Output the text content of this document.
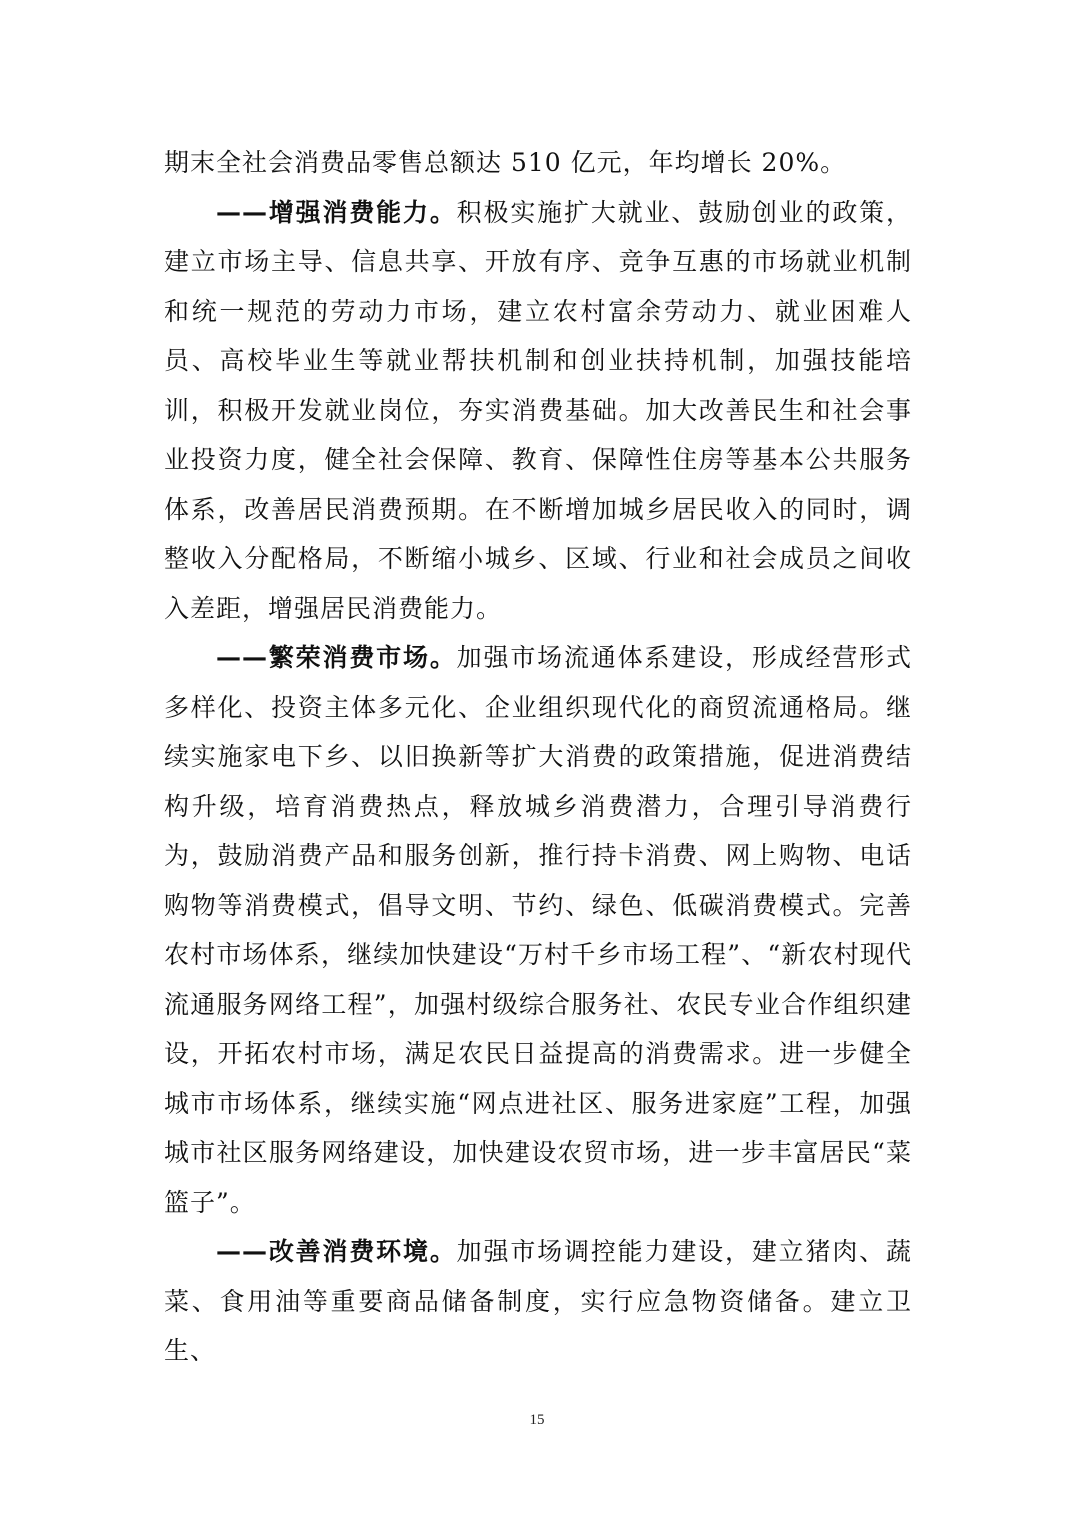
期末全社会消费品零售总额达 510 亿元，年均增长 20%。

——增强消费能力。积极实施扩大就业、鼓励创业的政策，建立市场主导、信息共享、开放有序、竞争互惠的市场就业机制和统一规范的劳动力市场，建立农村富余劳动力、就业困难人员、高校毕业生等就业帮扶机制和创业扶持机制，加强技能培训，积极开发就业岗位，夯实消费基础。加大改善民生和社会事业投资力度，健全社会保障、教育、保障性住房等基本公共服务体系，改善居民消费预期。在不断增加城乡居民收入的同时，调整收入分配格局，不断缩小城乡、区域、行业和社会成员之间收入差距，增强居民消费能力。

——繁荣消费市场。加强市场流通体系建设，形成经营形式多样化、投资主体多元化、企业组织现代化的商贸流通格局。继续实施家电下乡、以旧换新等扩大消费的政策措施，促进消费结构升级，培育消费热点，释放城乡消费潜力，合理引导消费行为，鼓励消费产品和服务创新，推行持卡消费、网上购物、电话购物等消费模式，倡导文明、节约、绿色、低碳消费模式。完善农村市场体系，继续加快建设“万村千乡市场工程”、“新农村现代流通服务网络工程”，加强村级综合服务社、农民专业合作组织建设，开拓农村市场，满足农民日益提高的消费需求。进一步健全城市市场体系，继续实施“网点进社区、服务进家庭”工程，加强城市社区服务网络建设，加快建设农贸市场，进一步丰富居民“菜篮子”。

——改善消费环境。加强市场调控能力建设，建立猪肉、蔬菜、食用油等重要商品储备制度，实行应急物资储备。建立卫生、

15
